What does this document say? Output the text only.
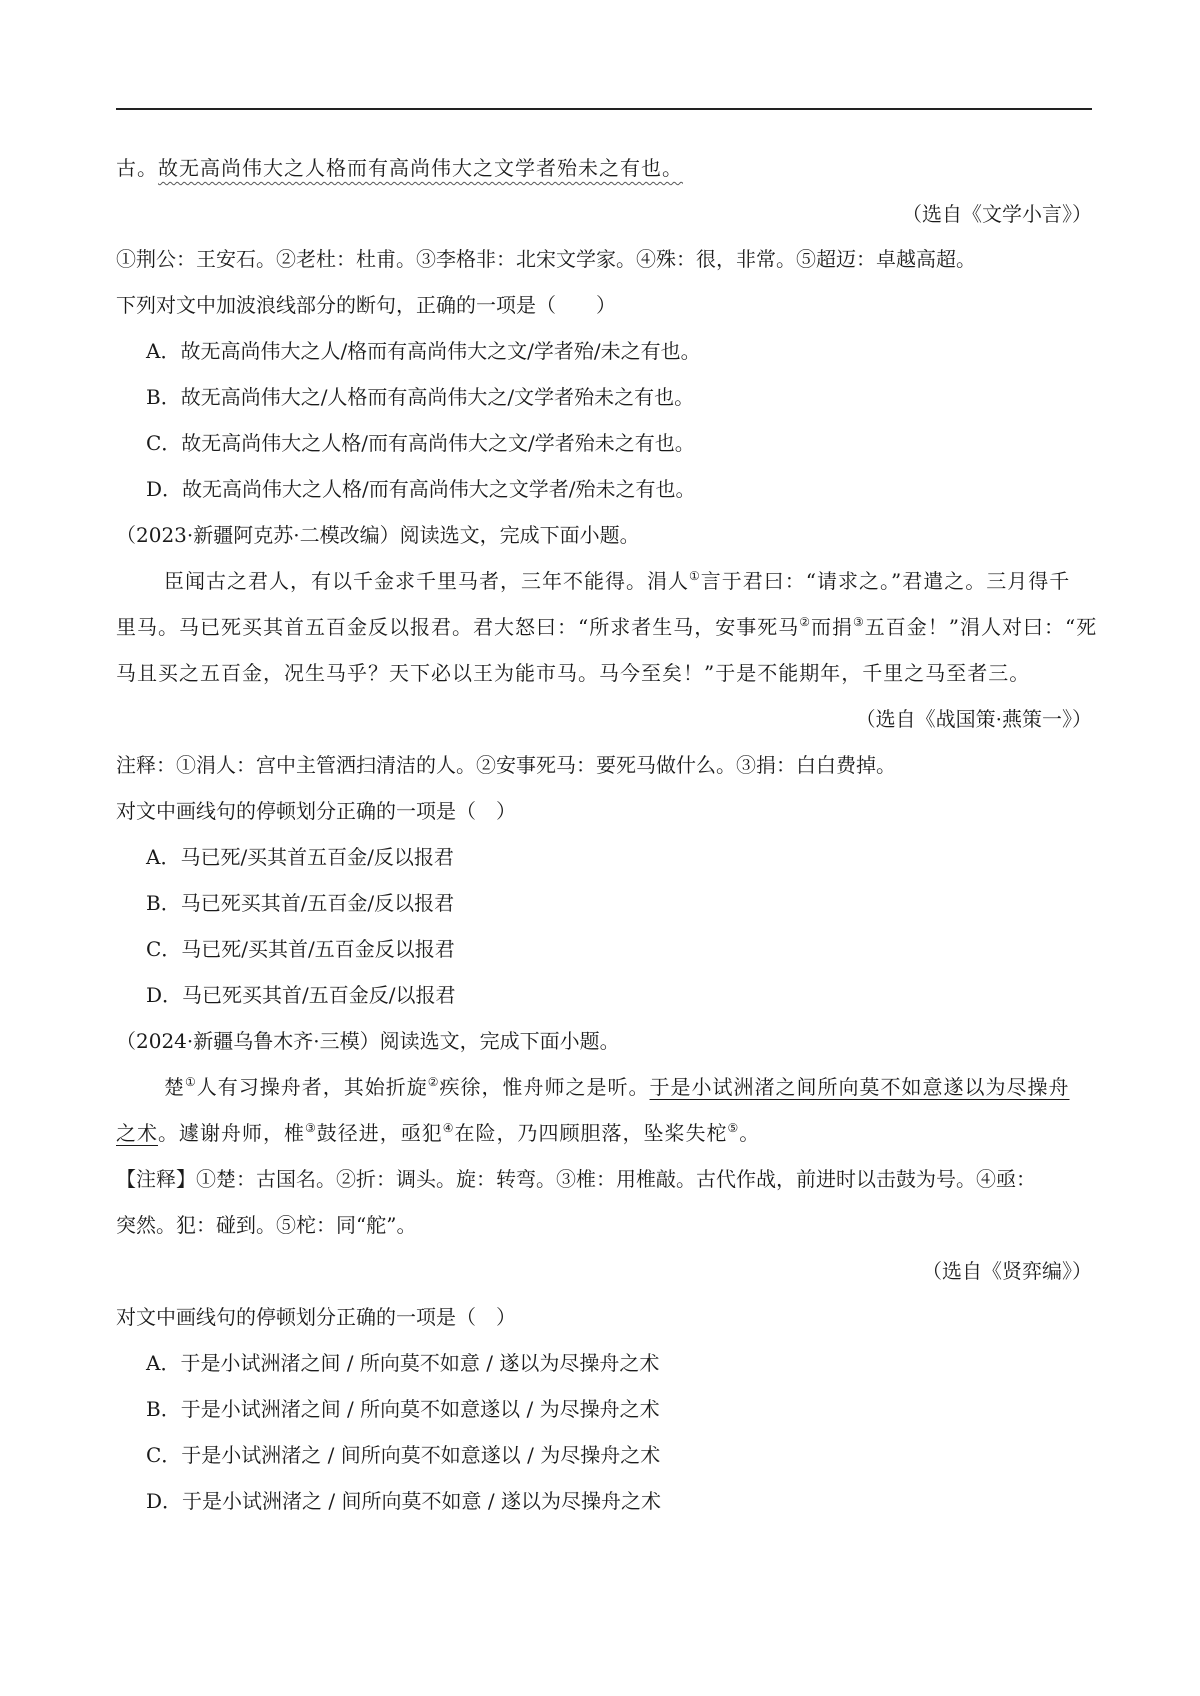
古。故无高尚伟大之人格而有高尚伟大之文学者殆未之有也。
（选自《文学小言》）
①荆公：王安石。②老杜：杜甫。③李格非：北宋文学家。④殊：很，非常。⑤超迈：卓越高超。
下列对文中加波浪线部分的断句，正确的一项是（　　）
A．故无高尚伟大之人/格而有高尚伟大之文/学者殆/未之有也。
B．故无高尚伟大之/人格而有高尚伟大之/文学者殆未之有也。
C．故无高尚伟大之人格/而有高尚伟大之文/学者殆未之有也。
D．故无高尚伟大之人格/而有高尚伟大之文学者/殆未之有也。
（2023·新疆阿克苏·二模改编）阅读选文，完成下面小题。
臣闻古之君人，有以千金求千里马者，三年不能得。涓人①言于君曰：“请求之。”君遣之。三月得千
里马。马已死买其首五百金反以报君。君大怒曰：“所求者生马，安事死马②而捐③五百金！”涓人对曰：“死
马且买之五百金，况生马乎？天下必以王为能市马。马今至矣！”于是不能期年，千里之马至者三。
（选自《战国策·燕策一》）
注释：①涓人：宫中主管洒扫清洁的人。②安事死马：要死马做什么。③捐：白白费掉。
对文中画线句的停顿划分正确的一项是（　）
A．马已死/买其首五百金/反以报君
B．马已死买其首/五百金/反以报君
C．马已死/买其首/五百金反以报君
D．马已死买其首/五百金反/以报君
（2024·新疆乌鲁木齐·三模）阅读选文，完成下面小题。
楚①人有习操舟者，其始折旋②疾徐，惟舟师之是听。于是小试洲渚之间所向莫不如意遂以为尽操舟
之术。遽谢舟师，椎③鼓径进，亟犯④在险，乃四顾胆落，坠桨失柁⑤。
【注释】①楚：古国名。②折：调头。旋：转弯。③椎：用椎敲。古代作战，前进时以击鼓为号。④亟：
突然。犯：碰到。⑤柁：同“舵”。
（选自《贤弈编》）
对文中画线句的停顿划分正确的一项是（　）
A．于是小试洲渚之间 / 所向莫不如意 / 遂以为尽操舟之术
B．于是小试洲渚之间 / 所向莫不如意遂以 / 为尽操舟之术
C．于是小试洲渚之 / 间所向莫不如意遂以 / 为尽操舟之术
D．于是小试洲渚之 / 间所向莫不如意 / 遂以为尽操舟之术
